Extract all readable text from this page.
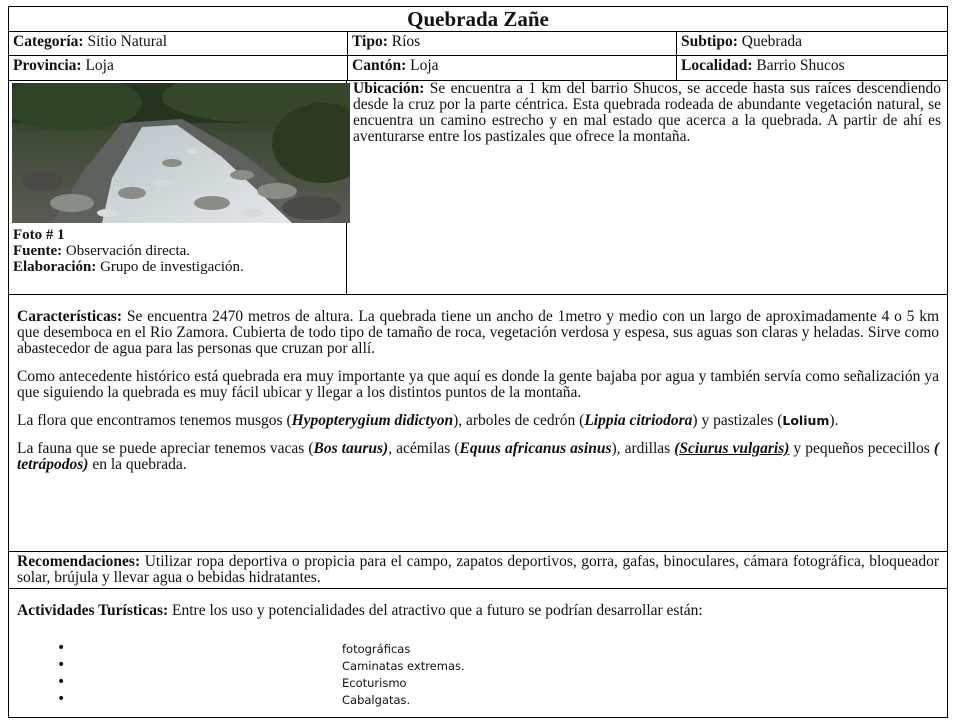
Quebrada Zañe
Categoría: Sitio Natural	Tipo: Ríos	Subtipo: Quebrada
Provincia: Loja	Cantón: Loja	Localidad: Barrio Shucos
Foto # 1
Fuente: Observación directa.
Elaboración: Grupo de investigación.
Ubicación: Se encuentra a 1 km del barrio Shucos, se accede hasta sus raíces descendiendo desde la cruz por la parte céntrica. Esta quebrada rodeada de abundante vegetación natural, se encuentra un camino estrecho y en mal estado que acerca a la quebrada. A partir de ahí es aventurarse entre los pastizales que ofrece la montaña.

Características: Se encuentra 2470 metros de altura. La quebrada tiene un ancho de 1metro y medio con un largo de aproximadamente 4 o 5 km que desemboca en el Rio Zamora. Cubierta de todo tipo de tamaño de roca, vegetación verdosa y espesa, sus aguas son claras y heladas. Sirve como abastecedor de agua para las personas que cruzan por allí.

Como antecedente histórico está quebrada era muy importante ya que aquí es donde la gente bajaba por agua y también servía como señalización ya que siguiendo la quebrada es muy fácil ubicar y llegar a los distintos puntos de la montaña.

La flora que encontramos tenemos musgos (Hypopterygium didictyon), arboles de cedrón (Lippia citriodora) y pastizales (Lolium).

La fauna que se puede apreciar tenemos vacas (Bos taurus), acémilas (Equus africanus asinus), ardillas (Sciurus vulgaris) y pequeños pececillos ( tetrápodos) en la quebrada.

Recomendaciones: Utilizar ropa deportiva o propicia para el campo, zapatos deportivos, gorra, gafas, binoculares, cámara fotográfica, bloqueador solar, brújula y llevar agua o bebidas hidratantes.

Actividades Turísticas: Entre los uso y potencialidades del atractivo que a futuro se podrían desarrollar están:

• fotográficas
• Caminatas extremas.
• Ecoturismo
• Cabalgatas.
